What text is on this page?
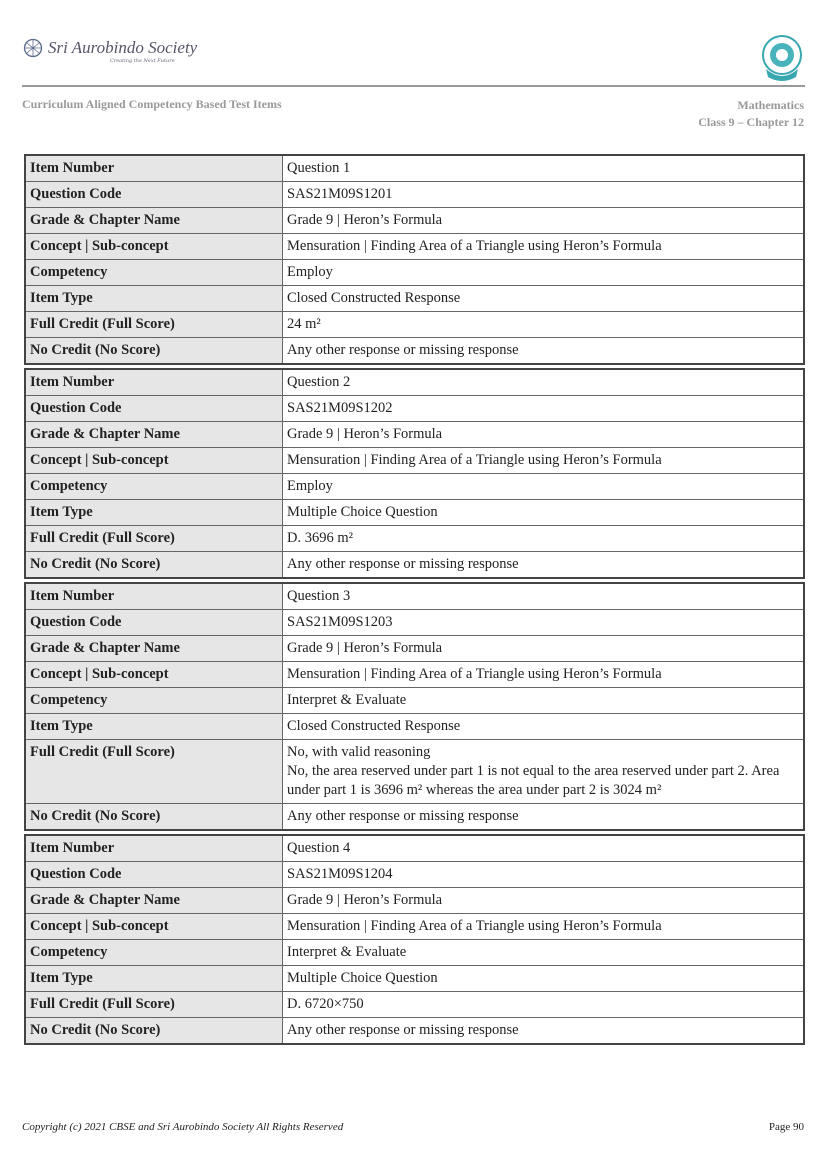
Sri Aurobindo Society
Creating the Next Future
Curriculum Aligned Competency Based Test Items	Mathematics
Class 9 – Chapter 12
Item Number	Question 1

Question Code	SAS21M09S1201

Grade & Chapter Name	Grade 9 | Heron’s Formula

Concept | Sub-concept	Mensuration | Finding Area of a Triangle using Heron’s Formula

Competency	Employ

Item Type	Closed Constructed Response

Full Credit (Full Score)	24 m²

No Credit (No Score)	Any other response or missing response
Item Number	Question 2

Question Code	SAS21M09S1202

Grade & Chapter Name	Grade 9 | Heron’s Formula

Concept | Sub-concept	Mensuration | Finding Area of a Triangle using Heron’s Formula

Competency	Employ

Item Type	Multiple Choice Question

Full Credit (Full Score)	D. 3696 m²

No Credit (No Score)	Any other response or missing response
Item Number	Question 3

Question Code	SAS21M09S1203

Grade & Chapter Name	Grade 9 | Heron’s Formula

Concept | Sub-concept	Mensuration | Finding Area of a Triangle using Heron’s Formula

Competency	Interpret & Evaluate

Item Type	Closed Constructed Response

Full Credit (Full Score)	No, with valid reasoning
No, the area reserved under part 1 is not equal to the area reserved under part 2. Area under part 1 is 3696 m² whereas the area under part 2 is 3024 m²

No Credit (No Score)	Any other response or missing response
Item Number	Question 4

Question Code	SAS21M09S1204

Grade & Chapter Name	Grade 9 | Heron’s Formula

Concept | Sub-concept	Mensuration | Finding Area of a Triangle using Heron’s Formula

Competency	Interpret & Evaluate

Item Type	Multiple Choice Question

Full Credit (Full Score)	D. 6720×750

No Credit (No Score)	Any other response or missing response
Copyright (c) 2021 CBSE and Sri Aurobindo Society All Rights Reserved	Page 90
